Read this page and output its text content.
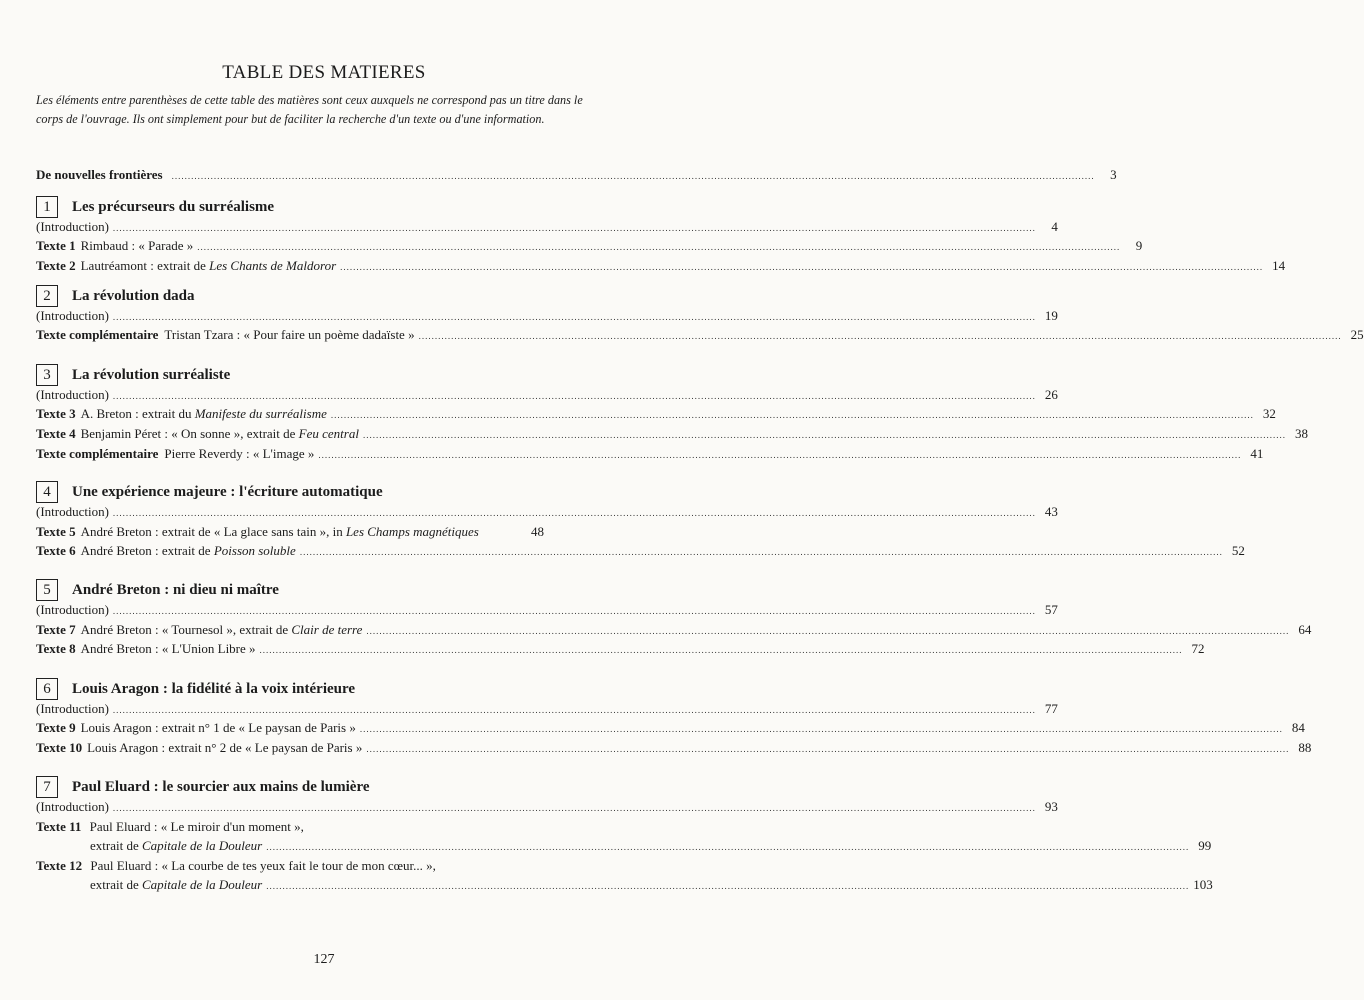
TABLE DES MATIERES
Les éléments entre parenthèses de cette table des matières sont ceux auxquels ne correspond pas un titre dans le corps de l'ouvrage. Ils ont simplement pour but de faciliter la recherche d'un texte ou d'une information.
De nouvelles frontières .....	3
1	Les précurseurs du surréalisme
(Introduction) .....	4
Texte 1 Rimbaud : « Parade » .....	9
Texte 2 Lautréamont : extrait de Les Chants de Maldoror .....	14
2	La révolution dada
(Introduction) .....	19
Texte complémentaire Tristan Tzara : « Pour faire un poème dadaïste » .....	25
3	La révolution surréaliste
(Introduction) .....	26
Texte 3 A. Breton : extrait du Manifeste du surréalisme .....	32
Texte 4 Benjamin Péret : « On sonne », extrait de Feu central .....	38
Texte complémentaire Pierre Reverdy : « L'image » .....	41
4	Une expérience majeure : l'écriture automatique
(Introduction) .....	43
Texte 5 André Breton : extrait de « La glace sans tain », in Les Champs magnétiques	48
Texte 6 André Breton : extrait de Poisson soluble .....	52
5	André Breton : ni dieu ni maître
(Introduction) .....	57
Texte 7 André Breton : « Tournesol », extrait de Clair de terre .....	64
Texte 8 André Breton : « L'Union Libre » .....	72
6	Louis Aragon : la fidélité à la voix intérieure
(Introduction) .....	77
Texte 9 Louis Aragon : extrait n° 1 de « Le paysan de Paris » .....	84
Texte 10 Louis Aragon : extrait n° 2 de « Le paysan de Paris » .....	88
7	Paul Eluard : le sourcier aux mains de lumière
(Introduction) .....	93
Texte 11 Paul Eluard : « Le miroir d'un moment »,
extrait de Capitale de la Douleur .....	99
Texte 12 Paul Eluard : « La courbe de tes yeux fait le tour de mon cœur... »,
extrait de Capitale de la Douleur .....	103
127
